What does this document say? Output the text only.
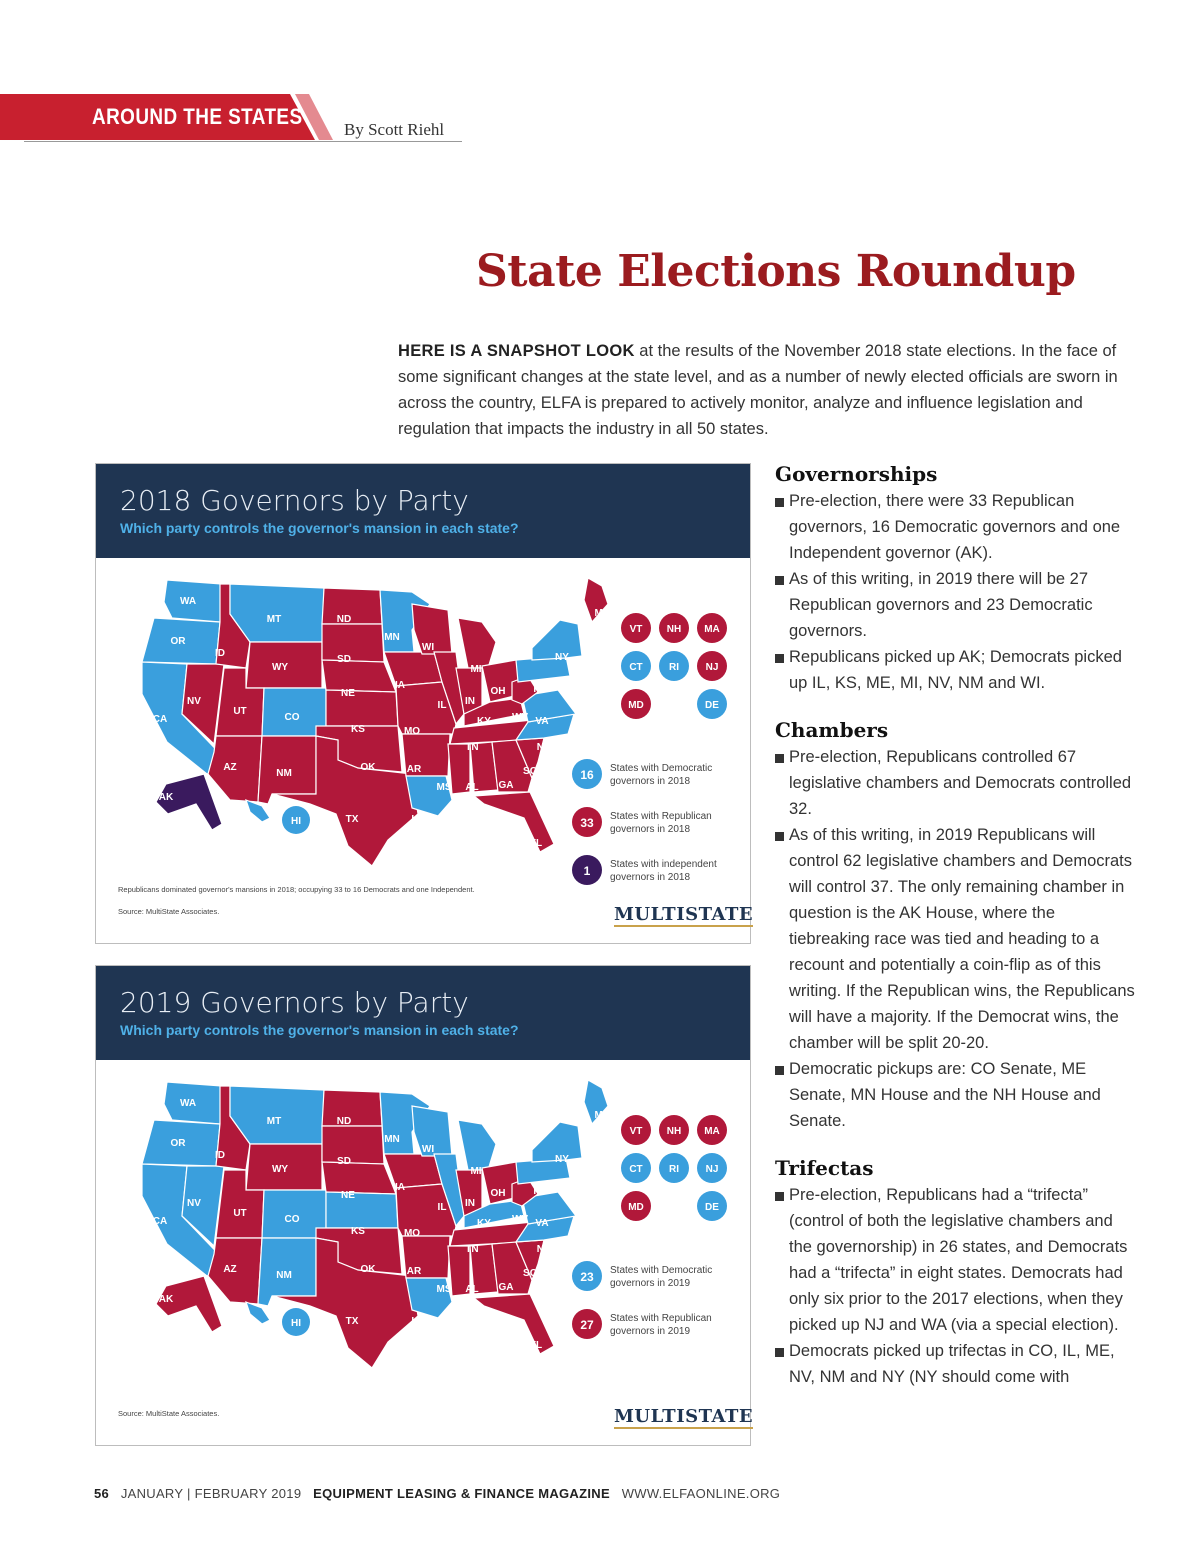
AROUND THE STATES
By Scott Riehl
State Elections Roundup
HERE IS A SNAPSHOT LOOK at the results of the November 2018 state elections. In the face of some significant changes at the state level, and as a number of newly elected officials are sworn in across the country, ELFA is prepared to actively monitor, analyze and influence legislation and regulation that impacts the industry in all 50 states.
2018 Governors by Party
Which party controls the governor's mansion in each state?
WA
OR
CA
NV
ID
MT
WY
UT
AZ
CO
NM
ND
SD
NE
KS
OK
TX
MN
IA
MO
AR
LA
WI
IL
MI
IN
OH
KY
TN
MS AL GA
FL
SC
NC
VA
WV
PA
NY
ME
AK
HI
VT NH MA
CT	RI	NJ
MD	DE
16 States with Democratic
governors in 2018
33 States with Republican
governors in 2018
1 States with independent
governors in 2018
Republicans dominated governor's mansions in 2018; occupying 33 to 16 Democrats and one Independent.
Source: MultiState Associates.	MULTISTATE
2019 Governors by Party
Which party controls the governor's mansion in each state?
WA
OR
CA
NV
ID
MT
WY
UT
AZ
CO
NM
ND
SD
NE
KS
OK
TX
MN
IA
MO
AR
LA
WI
IL
MI
IN
OH
KY
TN
MS AL GA
FL
SC
NC
VA
WV
PA
NY
ME
AK
HI
VT NH MA
CT	RI	NJ
MD	DE
23 States with Democratic
governors in 2019
27 States with Republican
governors in 2019
Source: MultiState Associates.	MULTISTATE
Governorships
Pre-election, there were 33 Republican governors, 16 Democratic governors and one Independent governor (AK).
As of this writing, in 2019 there will be 27 Republican governors and 23 Democratic governors.
Republicans picked up AK; Democrats picked up IL, KS, ME, MI, NV, NM and WI.
Chambers
Pre-election, Republicans controlled 67 legislative chambers and Democrats controlled 32.
As of this writing, in 2019 Republicans will control 62 legislative chambers and Democrats will control 37. The only remaining chamber in question is the AK House, where the tiebreaking race was tied and heading to a recount and potentially a coin-flip as of this writing. If the Republican wins, the Republicans will have a majority. If the Democrat wins, the chamber will be split 20-20.
Democratic pickups are: CO Senate, ME Senate, MN House and the NH House and Senate.
Trifectas
Pre-election, Republicans had a “trifecta” (control of both the legislative chambers and the governorship) in 26 states, and Democrats had a “trifecta” in eight states. Democrats had only six prior to the 2017 elections, when they picked up NJ and WA (via a special election).
Democrats picked up trifectas in CO, IL, ME, NV, NM and NY (NY should come with
56 JANUARY | FEBRUARY 2019 EQUIPMENT LEASING & FINANCE MAGAZINE WWW.ELFAONLINE.ORG
